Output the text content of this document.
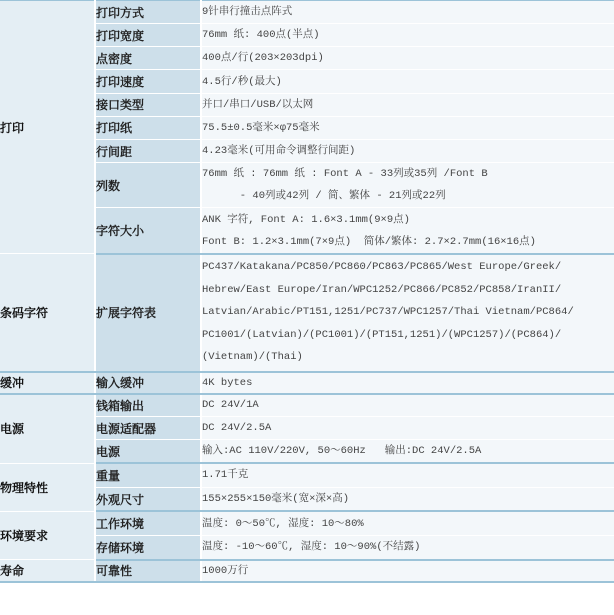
打印	打印方式	9针串行撞击点阵式
	打印宽度	76mm 纸: 400点(半点)
	点密度	400点/行(203×203dpi)
	打印速度	4.5行/秒(最大)
	接口类型	并口/串口/USB/以太网
	打印纸	75.5±0.5毫米×φ75毫米
	行间距	4.23毫米(可用命令调整行间距)
	列数	76mm 纸 : 76mm 纸 : Font A - 33列或35列 /Font B
- 40列或42列 / 简、繁体 - 21列或22列

	字符大小	ANK 字符, Font A: 1.6×3.1mm(9×9点)
Font B: 1.2×3.1mm(7×9点)  简体/繁体: 2.7×2.7mm(16×16点)

条码字符	扩展字符表	PC437/Katakana/PC850/PC860/PC863/PC865/West Europe/Greek/
Hebrew/East Europe/Iran/WPC1252/PC866/PC852/PC858/IranII/
Latvian/Arabic/PT151,1251/PC737/WPC1257/Thai Vietnam/PC864/
PC1001/(Latvian)/(PC1001)/(PT151,1251)/(WPC1257)/(PC864)/
(Vietnam)/(Thai)

缓冲	输入缓冲	4K bytes
电源	钱箱输出	DC 24V/1A
	电源适配器	DC 24V/2.5A
	电源	输入:AC 110V/220V, 50～60Hz   输出:DC 24V/2.5A
物理特性	重量	1.71千克
	外观尺寸	155×255×150毫米(宽×深×高)
环境要求	工作环境	温度: 0～50℃, 湿度: 10～80%
	存储环境	温度: -10～60℃, 湿度: 10～90%(不结露)
寿命	可靠性	1000万行
